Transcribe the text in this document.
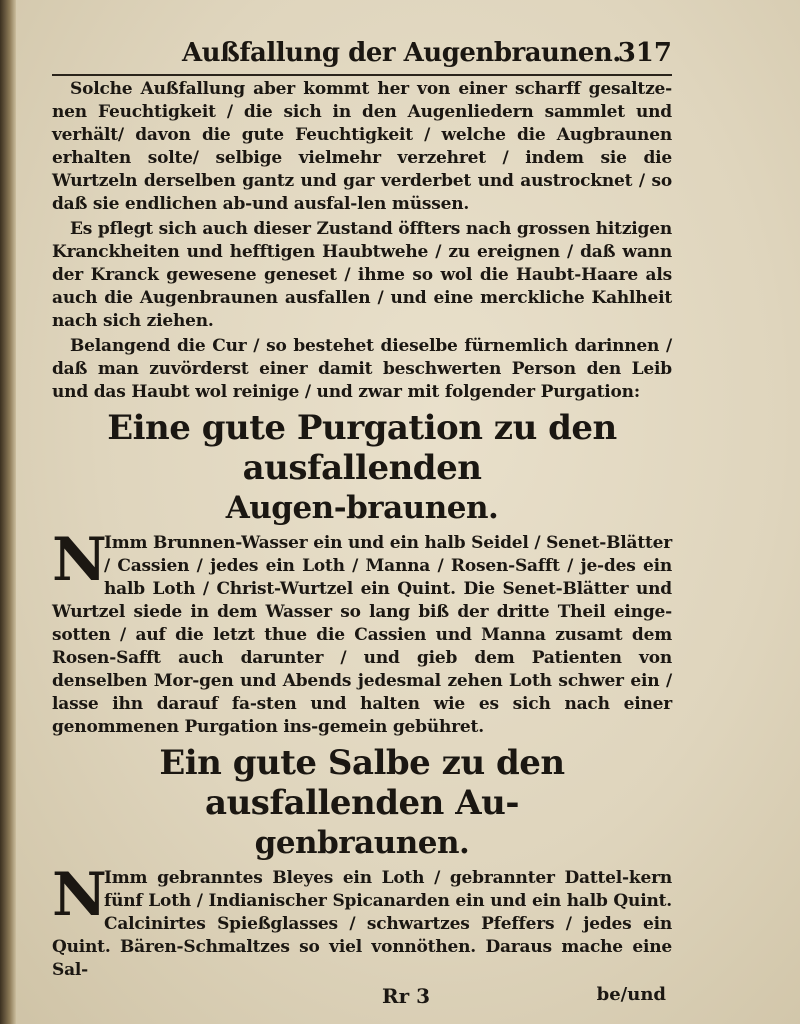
Außfallung der Augenbraunen.
317

Solche Außfallung aber kommt her von einer scharff gesaltze-nen Feuchtigkeit / die sich in den Augenliedern sammlet und verhält/ davon die gute Feuchtigkeit / welche die Augbraunen erhalten solte/ selbige vielmehr verzehret / indem sie die Wurtzeln derselben gantz und gar verderbet und austrocknet / so daß sie endlichen ab-und ausfal-len müssen.

Es pflegt sich auch dieser Zustand öffters nach grossen hitzigen Kranckheiten und hefftigen Haubtwehe / zu ereignen / daß wann der Kranck gewesene geneset / ihme so wol die Haubt-Haare als auch die Augenbraunen ausfallen / und eine merckliche Kahlheit nach sich ziehen.

Belangend die Cur / so bestehet dieselbe fürnemlich darinnen / daß man zuvörderst einer damit beschwerten Person den Leib und das Haubt wol reinige / und zwar mit folgender Purgation:

Eine gute Purgation zu den ausfallenden
Augen-braunen.
N

Imm Brunnen-Wasser ein und ein halb Seidel / Senet-Blätter / Cassien / jedes ein Loth / Manna / Rosen-Safft / je-des ein halb Loth / Christ-Wurtzel ein Quint. Die Senet-Blätter und Wurtzel siede in dem Wasser so lang biß der dritte Theil einge-sotten / auf die letzt thue die Cassien und Manna zusamt dem Rosen-Safft auch darunter / und gieb dem Patienten von denselben Mor-gen und Abends jedesmal zehen Loth schwer ein / lasse ihn darauf fa-sten und halten wie es sich nach einer genommenen Purgation ins-gemein gebühret.

Ein gute Salbe zu den ausfallenden Au-
genbraunen.
N

Imm gebranntes Bleyes ein Loth / gebrannter Dattel-kern fünf Loth / Indianischer Spicanarden ein und ein halb Quint. Calcinirtes Spießglasses / schwartzes Pfeffers / jedes ein Quint. Bären-Schmaltzes so viel vonnöthen. Daraus mache eine Sal-

Rr 3	be/und
